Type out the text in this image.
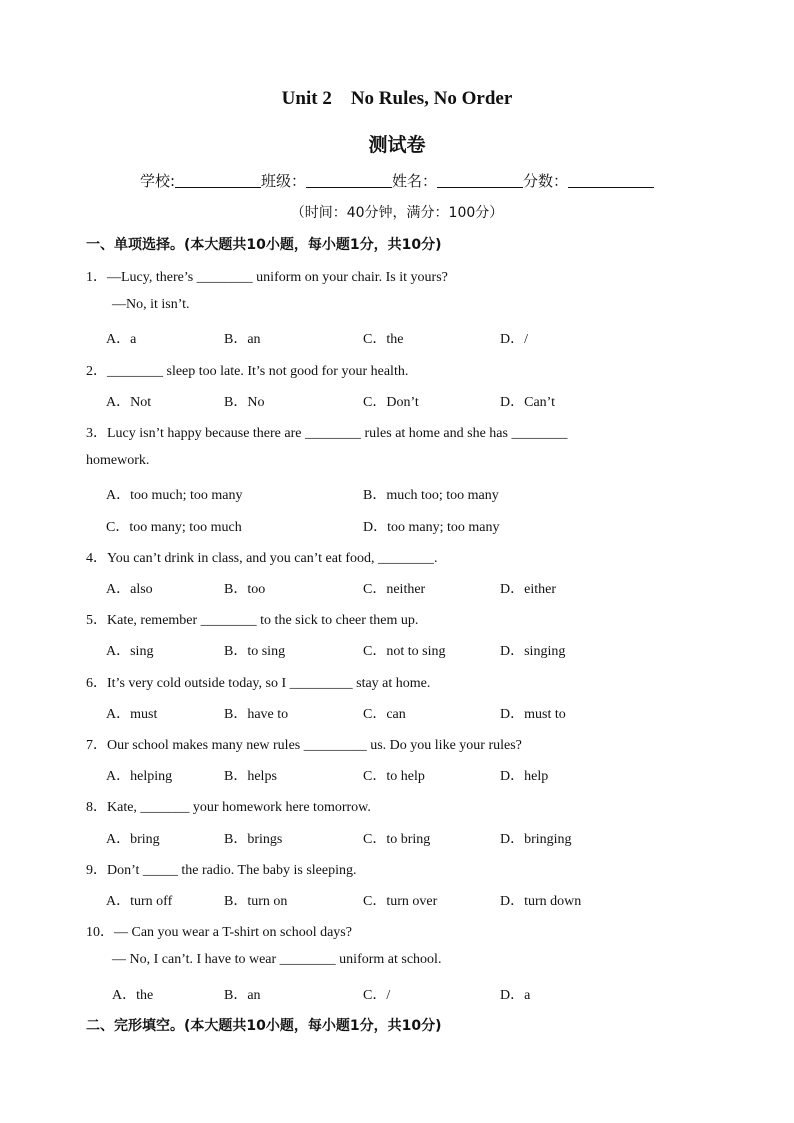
Unit 2 No Rules, No Order
测试卷
学校:	班级：	姓名：	分数：
（时间：40分钟，满分：100分）
一、单项选择。(本大题共10小题，每小题1分，共10分)
1．—Lucy, there’s ________ uniform on your chair. Is it yours?
—No, it isn’t.
A．a	B．an	C．the	D．/
2．________ sleep too late. It’s not good for your health.
A．Not	B．No	C．Don’t	D．Can’t
3．Lucy isn’t happy because there are ________ rules at home and she has ________
homework.
A．too much; too many	B．much too; too many
C．too many; too much	D．too many; too many
4．You can’t drink in class, and you can’t eat food, ________.
A．also	B．too	C．neither	D．either
5．Kate, remember ________ to the sick to cheer them up.
A．sing	B．to sing	C．not to sing	D．singing
6．It’s very cold outside today, so I _________ stay at home.
A．must	B．have to	C．can	D．must to
7．Our school makes many new rules _________ us. Do you like your rules?
A．helping	B．helps	C．to help	D．help
8．Kate, _______ your homework here tomorrow.
A．bring	B．brings	C．to bring	D．bringing
9．Don’t _____ the radio. The baby is sleeping.
A．turn off	B．turn on	C．turn over	D．turn down
10．— Can you wear a T-shirt on school days?
— No, I can’t. I have to wear ________ uniform at school.
A．the	B．an	C．/	D．a
二、完形填空。(本大题共10小题，每小题1分，共10分)
